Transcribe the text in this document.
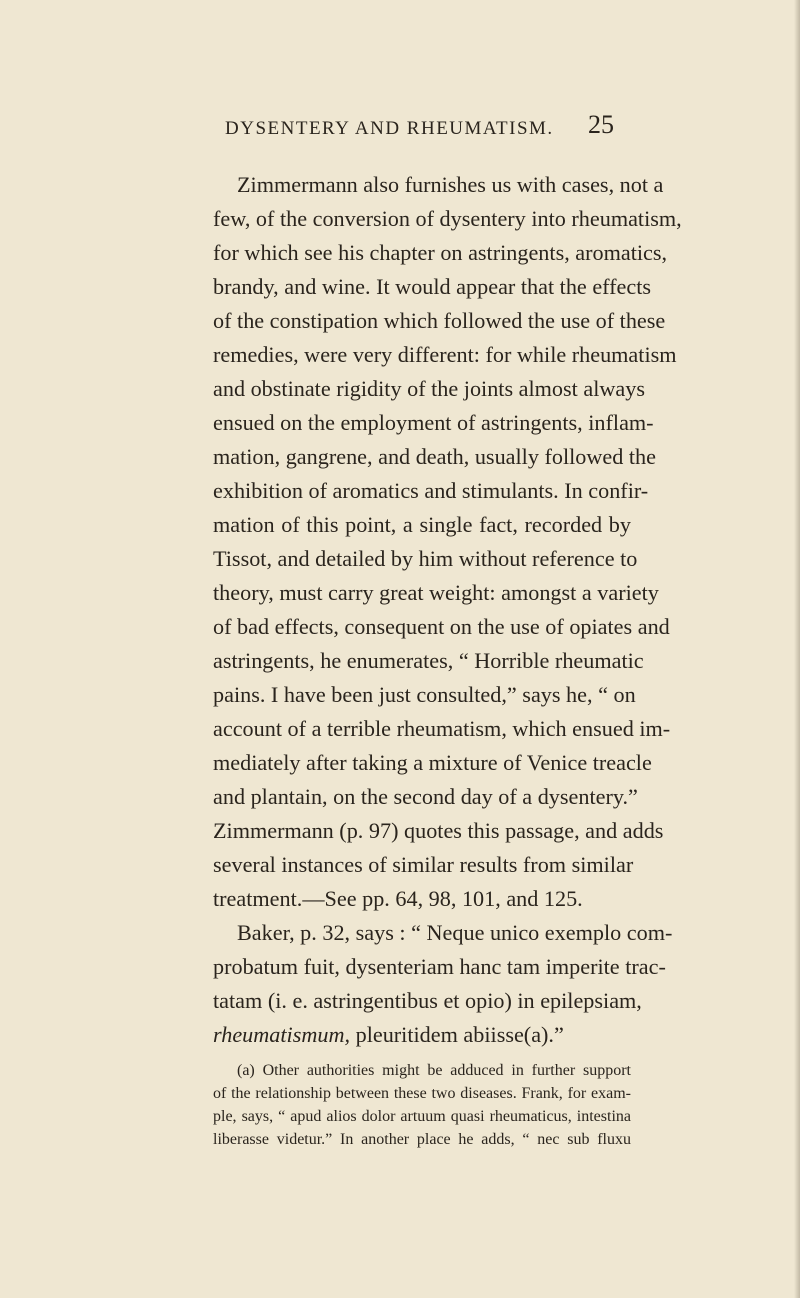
DYSENTERY AND RHEUMATISM. 25
Zimmermann also furnishes us with cases, not a
few, of the conversion of dysentery into rheumatism,
for which see his chapter on astringents, aromatics,
brandy, and wine. It would appear that the effects
of the constipation which followed the use of these
remedies, were very different: for while rheumatism
and obstinate rigidity of the joints almost always
ensued on the employment of astringents, inflam-
mation, gangrene, and death, usually followed the
exhibition of aromatics and stimulants. In confir-
mation of this point, a single fact, recorded by
Tissot, and detailed by him without reference to
theory, must carry great weight: amongst a variety
of bad effects, consequent on the use of opiates and
astringents, he enumerates, “ Horrible rheumatic
pains. I have been just consulted,” says he, “ on
account of a terrible rheumatism, which ensued im-
mediately after taking a mixture of Venice treacle
and plantain, on the second day of a dysentery.”
Zimmermann (p. 97) quotes this passage, and adds
several instances of similar results from similar
treatment.—See pp. 64, 98, 101, and 125.
Baker, p. 32, says : “ Neque unico exemplo com-
probatum fuit, dysenteriam hanc tam imperite trac-
tatam (i. e. astringentibus et opio) in epilepsiam,
rheumatismum, pleuritidem abiisse(a).”
(a) Other authorities might be adduced in further support
of the relationship between these two diseases. Frank, for exam-
ple, says, “ apud alios dolor artuum quasi rheumaticus, intestina
liberasse videtur.” In another place he adds, “ nec sub fluxu
